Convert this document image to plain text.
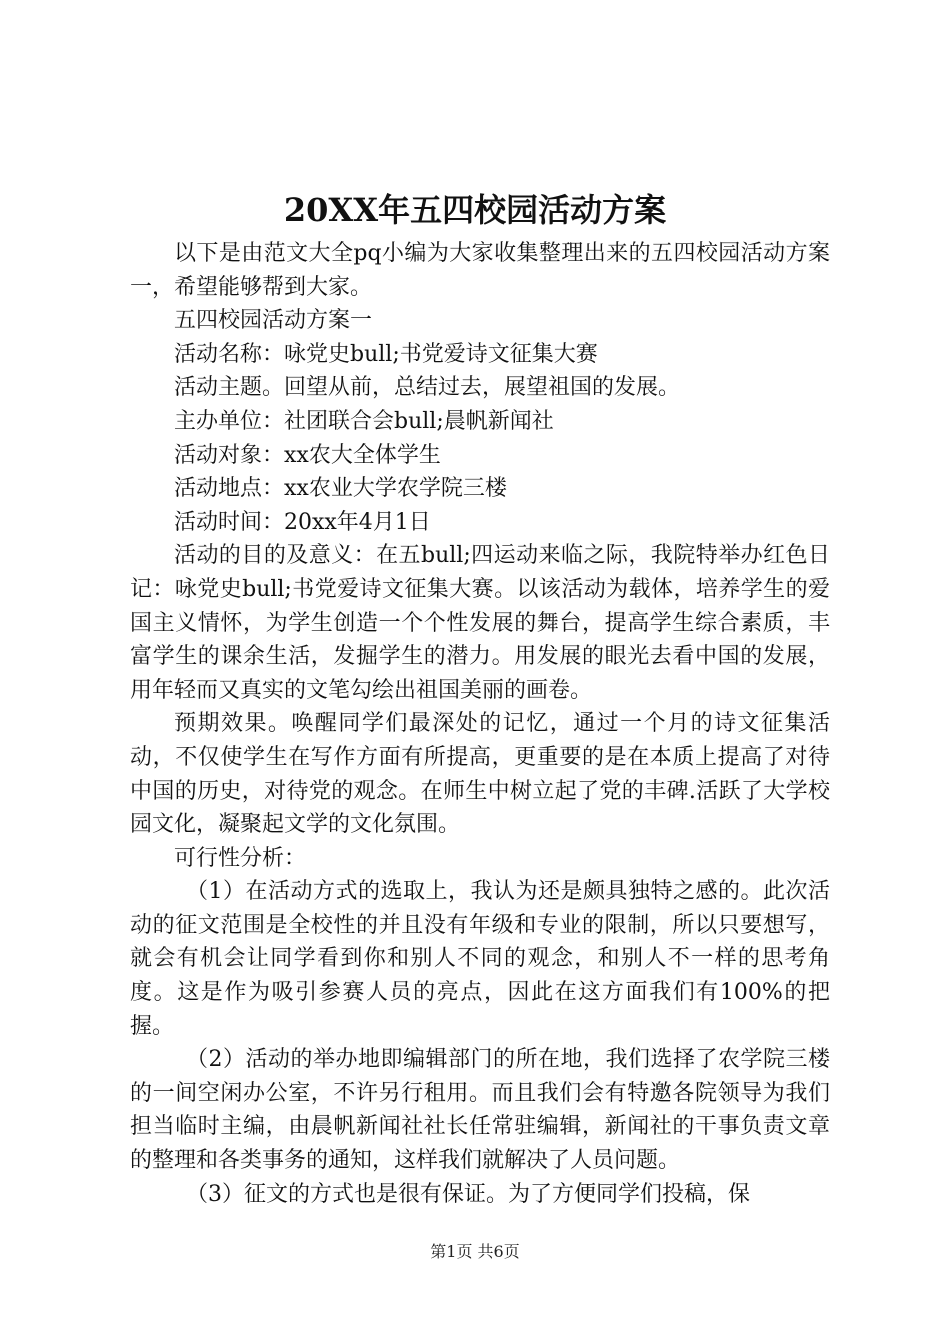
20XX年五四校园活动方案

以下是由范文大全pq小编为大家收集整理出来的五四校园活动方案一，希望能够帮到大家。

五四校园活动方案一

活动名称：咏党史bull;书党爱诗文征集大赛

活动主题。回望从前，总结过去，展望祖国的发展。

主办单位：社团联合会bull;晨帆新闻社

活动对象：xx农大全体学生

活动地点：xx农业大学农学院三楼

活动时间：20xx年4月1日

活动的目的及意义：在五bull;四运动来临之际，我院特举办红色日记：咏党史bull;书党爱诗文征集大赛。以该活动为载体，培养学生的爱国主义情怀，为学生创造一个个性发展的舞台，提高学生综合素质，丰富学生的课余生活，发掘学生的潜力。用发展的眼光去看中国的发展，用年轻而又真实的文笔勾绘出祖国美丽的画卷。

预期效果。唤醒同学们最深处的记忆，通过一个月的诗文征集活动，不仅使学生在写作方面有所提高，更重要的是在本质上提高了对待中国的历史，对待党的观念。在师生中树立起了党的丰碑.活跃了大学校园文化，凝聚起文学的文化氛围。

可行性分析：

（1）在活动方式的选取上，我认为还是颇具独特之感的。此次活动的征文范围是全校性的并且没有年级和专业的限制，所以只要想写，就会有机会让同学看到你和别人不同的观念，和别人不一样的思考角度。这是作为吸引参赛人员的亮点，因此在这方面我们有100%的把握。

（2）活动的举办地即编辑部门的所在地，我们选择了农学院三楼的一间空闲办公室，不许另行租用。而且我们会有特邀各院领导为我们担当临时主编，由晨帆新闻社社长任常驻编辑，新闻社的干事负责文章的整理和各类事务的通知，这样我们就解决了人员问题。

（3）征文的方式也是很有保证。为了方便同学们投稿，保

第1页 共6页
